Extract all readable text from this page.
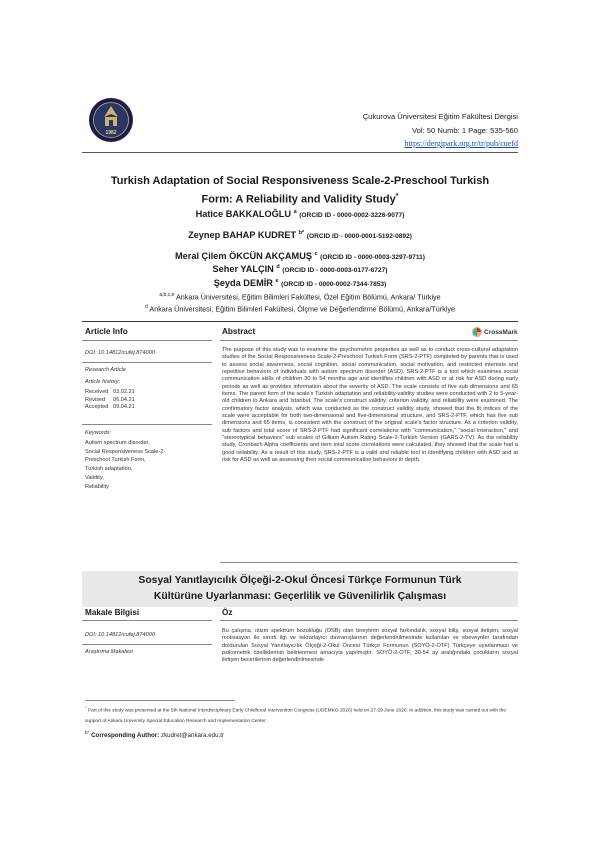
1982
Çukurova Üniversitesi Eğitim Fakültesi Dergisi
Vol: 50 Numb: 1 Page: 535-560
https://dergipark.org.tr/tr/pub/cuefd
Turkish Adaptation of Social Responsiveness Scale-2-Preschool Turkish
Form: A Reliability and Validity Study*
Hatice BAKKALOĞLU $^a$ (ORCID ID - 0000-0002-3226-9077)
Zeynep BAHAP KUDRET $^{b*}$ (ORCID ID - 0000-0001-5192-0892)
Meral Çilem ÖKCÜN AKÇAMUŞ $^c$ (ORCID ID - 0000-0003-3297-9711)
Seher YALÇIN $^d$ (ORCID ID - 0000-0003-0177-6727)
Şeyda DEMİR $^e$ (ORCID ID - 0000-0002-7344-7853)
$^{a,b,c,e}$ Ankara Üniversitesi, Eğitim Bilimleri Fakültesi, Özel Eğitim Bölümü, Ankara/ Türkiye
$^d$ Ankara Üniversitesi, Eğitim Bilimleri Fakültesi, Ölçme ve Değerlendirme Bölümü, Ankara/Türkiye
Article Info	Abstract	CrossMark
DOI: 10.14812/cufej.874000
Research Article
Article history:
Received 03.02.21
Revised	06.04.21
Accepted 09.04.21
Keywords:
Autism spectrum disorder,
Social Responsiveness Scale-2-
Preschool Turkish Form,
Turkish adaptation,
Validity,
Reliability
The purpose of this study was to examine the psychometric properties as well as to conduct cross-cultural adaptation studies of the Social Responsiveness Scale-2-Preschool Turkish Form (SRS-2-PTF) completed by parents that is used to assess social awareness, social cognition, social communication, social motivation, and restricted interests and repetitive behaviors of individuals with autism spectrum disorder (ASD). SRS-2-PTF is a tool which examines social communication skills of children 30 to 54 months age and identifies children with ASD or at risk for ASD during early periods as well as provides information about the severity of ASD. The scale consists of five sub dimensions and 65 items. The parent form of the scale's Turkish adaptation and reliability-validity studies were conducted with 2 to 5-year-old children in Ankara and Istanbul. The scale's construct validity, criterion validity, and reliability were examined. The confirmatory factor analysis, which was conducted as the construct validity study, showed that the fit indices of the scale were acceptable for both two-dimensional and five-dimensional structure, and SRS-2-PTF, which has five sub dimensions and 65 items, is consistent with the construct of the original scale's factor structure. As a criterion validity, sub factors and total score of SRS-2-PTF had significant correlations with "communication," "social interaction," and "stereotypical behaviors" sub scales of Gilliam Autism Rating Scale-2-Turkish Version (GARS-2-TV). As the reliability study, Cronbach Alpha coefficients and item total score correlations were calculated, they showed that the scale had a good reliability. As a result of this study, SRS-2-PTF is a valid and reliable tool in identifying children with ASD and at risk for ASD as well as assessing their social communication behaviors in depth.
Sosyal Yanıtlayıcılık Ölçeği-2-Okul Öncesi Türkçe Formunun Türk
Kültürüne Uyarlanması: Geçerlilik ve Güvenilirlik Çalışması
Makale Bilgisi	Öz
DOI: 10.14812/cufej.874000
Araştırma Makalesi
Bu çalışma, otizm spektrum bozukluğu (OSB) olan bireylerin sosyal farkındalık, sosyal biliş, sosyal iletişim, sosyal motivasyon ile sınırlı ilgi ve tekrarlayıcı davranışlarının değerlendirilmesinde kullanılan ve ebeveynler tarafından doldurulan Sosyal Yanıtlayıcılık Ölçeği-2-Okul Öncesi Türkçe Formunun (SOYÖ-2-OTF) Türkçeye uyarlanması ve psikometrik özelliklerinin belirlenmesi amacıyla yapılmıştır. SOYÖ-2-OTF, 30-54 ay aralığındaki çocukların sosyal iletişim becerilerinin değerlendirilmesinde
* Part of this study was presented at the 5th National Interdisciplinary Early Childhood Intervention Congress (UDEMKO 2020) held on 27-29 June 2020. In addition, this study was carried out with the support of Ankara University Special Education Research and Implementation Center.
$^{b*}$ Corresponding Author: zkudret@ankara.edu.tr
